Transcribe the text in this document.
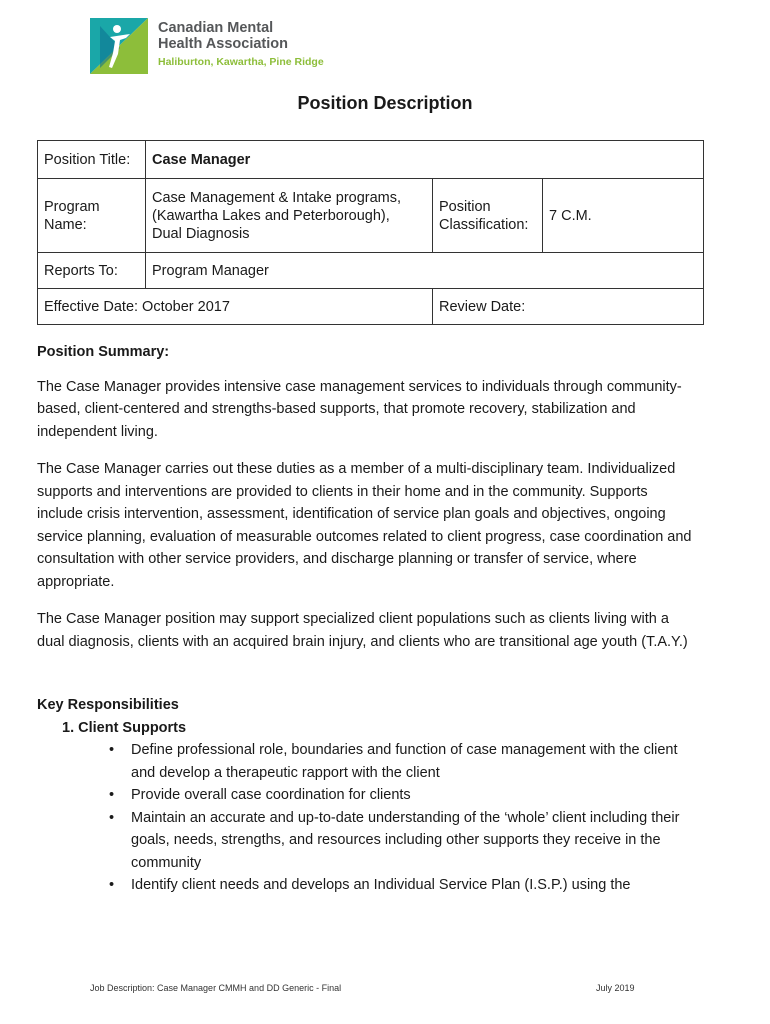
Canadian Mental
Health Association
Haliburton, Kawartha, Pine Ridge
Position Description
Position Title:	Case Manager		
Program
Name:	Case Management & Intake programs, (Kawartha Lakes and Peterborough), Dual Diagnosis	Position Classification:	7 C.M.
Reports To:	Program Manager		
Effective Date: October 2017		Review Date:	

Position Summary:

The Case Manager provides intensive case management services to individuals through community-based, client-centered and strengths-based supports, that promote recovery, stabilization and independent living.

The Case Manager carries out these duties as a member of a multi-disciplinary team. Individualized supports and interventions are provided to clients in their home and in the community. Supports include crisis intervention, assessment, identification of service plan goals and objectives, ongoing service planning, evaluation of measurable outcomes related to client progress, case coordination and consultation with other service providers, and discharge planning or transfer of service, where appropriate.

The Case Manager position may support specialized client populations such as clients living with a dual diagnosis, clients with an acquired brain injury, and clients who are transitional age youth (T.A.Y.)

Key Responsibilities

1. Client Supports

• Define professional role, boundaries and function of case management with the client and develop a therapeutic rapport with the client
• Provide overall case coordination for clients
• Maintain an accurate and up-to-date understanding of the ‘whole’ client including their goals, needs, strengths, and resources including other supports they receive in the community
• Identify client needs and develops an Individual Service Plan (I.S.P.) using the
Job Description: Case Manager CMMH and DD Generic - Final	July 2019
